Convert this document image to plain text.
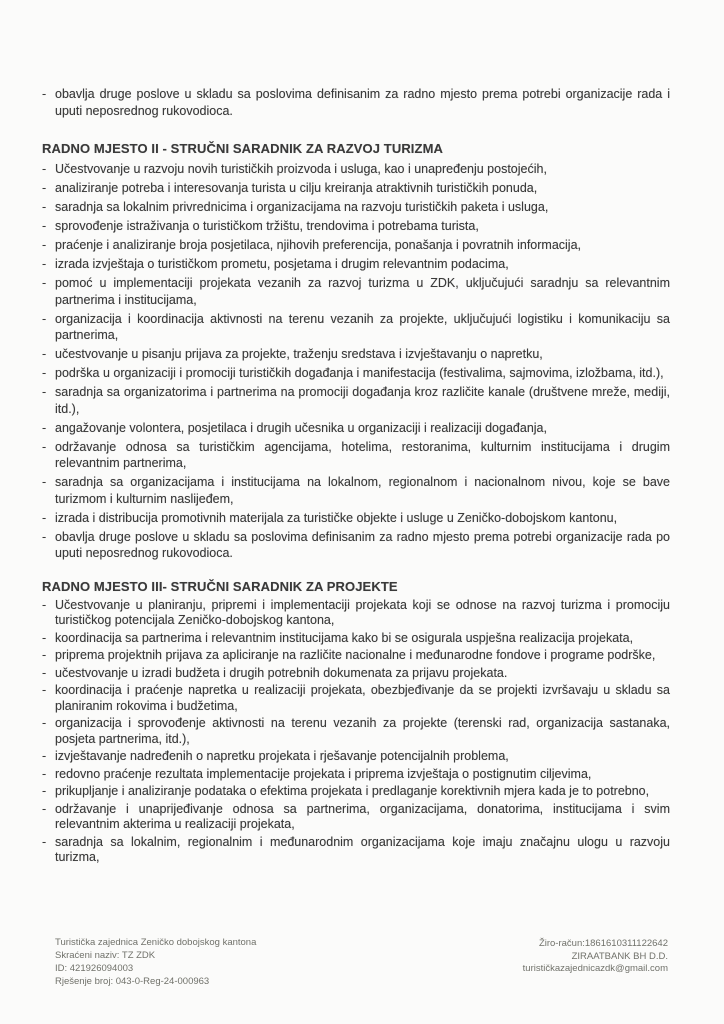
- obavlja druge poslove u skladu sa poslovima definisanim za radno mjesto prema potrebi organizacije rada i uputi neposrednog rukovodioca.
RADNO MJESTO II - STRUČNI SARADNIK ZA RAZVOJ TURIZMA
- Učestvovanje u razvoju novih turističkih proizvoda i usluga, kao i unapređenju postojećih,
- analiziranje potreba i interesovanja turista u cilju kreiranja atraktivnih turističkih ponuda,
- saradnja sa lokalnim privrednicima i organizacijama na razvoju turističkih paketa i usluga,
- sprovođenje istraživanja o turističkom tržištu, trendovima i potrebama turista,
- praćenje i analiziranje broja posjetilaca, njihovih preferencija, ponašanja i povratnih informacija,
- izrada izvještaja o turističkom prometu, posjetama i drugim relevantnim podacima,
- pomoć u implementaciji projekata vezanih za razvoj turizma u ZDK, uključujući saradnju sa relevantnim partnerima i institucijama,
- organizacija i koordinacija aktivnosti na terenu vezanih za projekte, uključujući logistiku i komunikaciju sa partnerima,
- učestvovanje u pisanju prijava za projekte, traženju sredstava i izvještavanju o napretku,
- podrška u organizaciji i promociji turističkih događanja i manifestacija (festivalima, sajmovima, izložbama, itd.),
- saradnja sa organizatorima i partnerima na promociji događanja kroz različite kanale (društvene mreže, mediji, itd.),
- angažovanje volontera, posjetilaca i drugih učesnika u organizaciji i realizaciji događanja,
- održavanje odnosa sa turističkim agencijama, hotelima, restoranima, kulturnim institucijama i drugim relevantnim partnerima,
- saradnja sa organizacijama i institucijama na lokalnom, regionalnom i nacionalnom nivou, koje se bave turizmom i kulturnim naslijeđem,
- izrada i distribucija promotivnih materijala za turističke objekte i usluge u Zeničko-dobojskom kantonu,
- obavlja druge poslove u skladu sa poslovima definisanim za radno mjesto prema potrebi organizacije rada po uputi neposrednog rukovodioca.
RADNO MJESTO III- STRUČNI SARADNIK ZA PROJEKTE
- Učestvovanje u planiranju, pripremi i implementaciji projekata koji se odnose na razvoj turizma i promociju turističkog potencijala Zeničko-dobojskog kantona,
- koordinacija sa partnerima i relevantnim institucijama kako bi se osigurala uspješna realizacija projekata,
- priprema projektnih prijava za apliciranje na različite nacionalne i međunarodne fondove i programe podrške,
- učestvovanje u izradi budžeta i drugih potrebnih dokumenata za prijavu projekata.
- koordinacija i praćenje napretka u realizaciji projekata, obezbjeđivanje da se projekti izvršavaju u skladu sa planiranim rokovima i budžetima,
- organizacija i sprovođenje aktivnosti na terenu vezanih za projekte (terenski rad, organizacija sastanaka, posjeta partnerima, itd.),
- izvještavanje nadređenih o napretku projekata i rješavanje potencijalnih problema,
- redovno praćenje rezultata implementacije projekata i priprema izvještaja o postignutim ciljevima,
- prikupljanje i analiziranje podataka o efektima projekata i predlaganje korektivnih mjera kada je to potrebno,
- održavanje i unaprijeđivanje odnosa sa partnerima, organizacijama, donatorima, institucijama i svim relevantnim akterima u realizaciji projekata,
- saradnja sa lokalnim, regionalnim i međunarodnim organizacijama koje imaju značajnu ulogu u razvoju turizma,
Turistička zajednica Zeničko dobojskog kantona
Skraćeni naziv: TZ ZDK
ID: 421926094003
Rješenje broj: 043-0-Reg-24-000963
Žiro-račun:1861610311122642
ZIRAATBANK BH D.D.
turističkazajednicazdk@gmail.com
